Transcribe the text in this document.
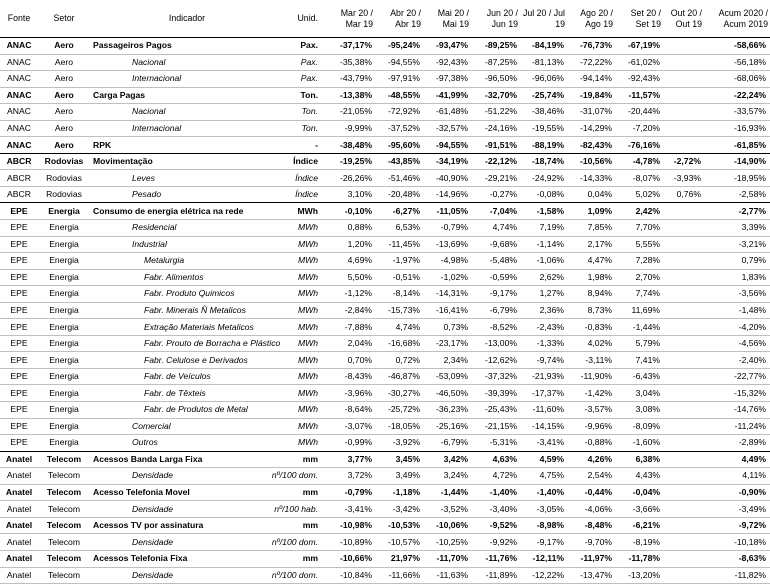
Fonte	Setor	Indicador	Unid.	Mar 20 / Mar 19	Abr 20 / Abr 19	Mai 20 / Mai 19	Jun 20 / Jun 19	Jul 20 / Jul 19	Ago 20 / Ago 19	Set 20 / Set 19	Out 20 / Out 19		Acum 2020 / Acum 2019
ANAC	Aero	Passageiros Pagos	Pax.	-37,17%	-95,24%	-93,47%	-89,25%	-84,19%	-76,73%	-67,19%			-58,66%
ANAC	Aero	Nacional	Pax.	-35,38%	-94,55%	-92,43%	-87,25%	-81,13%	-72,22%	-61,02%			-56,18%
ANAC	Aero	Internacional	Pax.	-43,79%	-97,91%	-97,38%	-96,50%	-96,06%	-94,14%	-92,43%			-68,06%
ANAC	Aero	Carga Pagas	Ton.	-13,38%	-48,55%	-41,99%	-32,70%	-25,74%	-19,84%	-11,57%			-22,24%
ANAC	Aero	Nacional	Ton.	-21,05%	-72,92%	-61,48%	-51,22%	-38,46%	-31,07%	-20,44%			-33,57%
ANAC	Aero	Internacional	Ton.	-9,99%	-37,52%	-32,57%	-24,16%	-19,55%	-14,29%	-7,20%			-16,93%
ANAC	Aero	RPK	-	-38,48%	-95,60%	-94,55%	-91,51%	-88,19%	-82,43%	-76,16%			-61,85%
ABCR	Rodovias	Movimentação	Índice	-19,25%	-43,85%	-34,19%	-22,12%	-18,74%	-10,56%	-4,78%	-2,72%		-14,90%
ABCR	Rodovias	Leves	Índice	-26,26%	-51,46%	-40,90%	-29,21%	-24,92%	-14,33%	-8,07%	-3,93%		-18,95%
ABCR	Rodovias	Pesado	Índice	3,10%	-20,48%	-14,96%	-0,27%	-0,08%	0,04%	5,02%	0,76%		-2,58%
EPE	Energia	Consumo de energia elétrica na rede	MWh	-0,10%	-6,27%	-11,05%	-7,04%	-1,58%	1,09%	2,42%			-2,77%
EPE	Energia	Residencial	MWh	0,88%	6,53%	-0,79%	4,74%	7,19%	7,85%	7,70%			3,39%
EPE	Energia	Industrial	MWh	1,20%	-11,45%	-13,69%	-9,68%	-1,14%	2,17%	5,55%			-3,21%
EPE	Energia	Metalurgia	MWh	4,69%	-1,97%	-4,98%	-5,48%	-1,06%	4,47%	7,28%			0,79%
EPE	Energia	Fabr. Alimentos	MWh	5,50%	-0,51%	-1,02%	-0,59%	2,62%	1,98%	2,70%			1,83%
EPE	Energia	Fabr. Produto Quimicos	MWh	-1,12%	-8,14%	-14,31%	-9,17%	1,27%	8,94%	7,74%			-3,56%
EPE	Energia	Fabr. Minerais Ñ Metalicos	MWh	-2,84%	-15,73%	-16,41%	-6,79%	2,36%	8,73%	11,69%			-1,48%
EPE	Energia	Extração Materiais Metalicos	MWh	-7,88%	4,74%	0,73%	-8,52%	-2,43%	-0,83%	-1,44%			-4,20%
EPE	Energia	Fabr. Prouto de Borracha e Plástico	MWh	2,04%	-16,68%	-23,17%	-13,00%	-1,33%	4,02%	5,79%			-4,56%
EPE	Energia	Fabr. Celulose e Derivados	MWh	0,70%	0,72%	2,34%	-12,62%	-9,74%	-3,11%	7,41%			-2,40%
EPE	Energia	Fabr. de Veículos	MWh	-8,43%	-46,87%	-53,09%	-37,32%	-21,93%	-11,90%	-6,43%			-22,77%
EPE	Energia	Fabr. de Têxteis	MWh	-3,96%	-30,27%	-46,50%	-39,39%	-17,37%	-1,42%	3,04%			-15,32%
EPE	Energia	Fabr. de Produtos de Metal	MWh	-8,64%	-25,72%	-36,23%	-25,43%	-11,60%	-3,57%	3,08%			-14,76%
EPE	Energia	Comercial	MWh	-3,07%	-18,05%	-25,16%	-21,15%	-14,15%	-9,96%	-8,09%			-11,24%
EPE	Energia	Outros	MWh	-0,99%	-3,92%	-6,79%	-5,31%	-3,41%	-0,88%	-1,60%			-2,89%
Anatel	Telecom	Acessos Banda Larga Fixa	mm	3,77%	3,45%	3,42%	4,63%	4,59%	4,26%	6,38%			4,49%
Anatel	Telecom	Densidade	nº/100 dom.	3,72%	3,49%	3,24%	4,72%	4,75%	2,54%	4,43%			4,11%
Anatel	Telecom	Acesso Telefonia Movel	mm	-0,79%	-1,18%	-1,44%	-1,40%	-1,40%	-0,44%	-0,04%			-0,90%
Anatel	Telecom	Densidade	nº/100 hab.	-3,41%	-3,42%	-3,52%	-3,40%	-3,05%	-4,06%	-3,66%			-3,49%
Anatel	Telecom	Acessos TV por assinatura	mm	-10,98%	-10,53%	-10,06%	-9,52%	-8,98%	-8,48%	-6,21%			-9,72%
Anatel	Telecom	Densidade	nº/100 dom.	-10,89%	-10,57%	-10,25%	-9,92%	-9,17%	-9,70%	-8,19%			-10,18%
Anatel	Telecom	Acessos Telefonia Fixa	mm	-10,66%	21,97%	-11,70%	-11,76%	-12,11%	-11,97%	-11,78%			-8,63%
Anatel	Telecom	Densidade	nº/100 dom.	-10,84%	-11,66%	-11,63%	-11,89%	-12,22%	-13,47%	-13,20%			-11,82%
